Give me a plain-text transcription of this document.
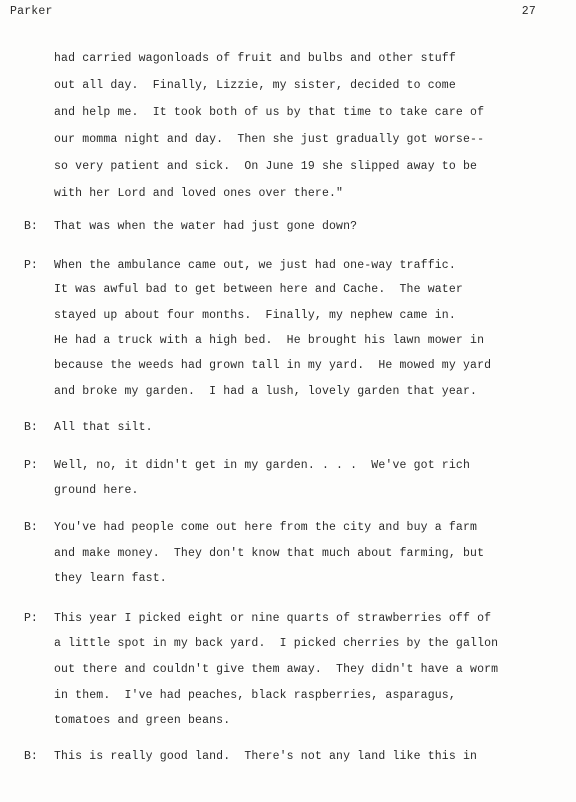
Parker	27
had carried wagonloads of fruit and bulbs and other stuff
out all day.  Finally, Lizzie, my sister, decided to come
and help me.  It took both of us by that time to take care of
our momma night and day.  Then she just gradually got worse--
so very patient and sick.  On June 19 she slipped away to be
with her Lord and loved ones over there."
B: That was when the water had just gone down?
P: When the ambulance came out, we just had one-way traffic.
It was awful bad to get between here and Cache.  The water
stayed up about four months.  Finally, my nephew came in.
He had a truck with a high bed.  He brought his lawn mower in
because the weeds had grown tall in my yard.  He mowed my yard
and broke my garden.  I had a lush, lovely garden that year.
B: All that silt.
P: Well, no, it didn't get in my garden. . . .  We've got rich
ground here.
B: You've had people come out here from the city and buy a farm
and make money.  They don't know that much about farming, but
they learn fast.
P: This year I picked eight or nine quarts of strawberries off of
a little spot in my back yard.  I picked cherries by the gallon
out there and couldn't give them away.  They didn't have a worm
in them.  I've had peaches, black raspberries, asparagus,
tomatoes and green beans.
B: This is really good land.  There's not any land like this in
